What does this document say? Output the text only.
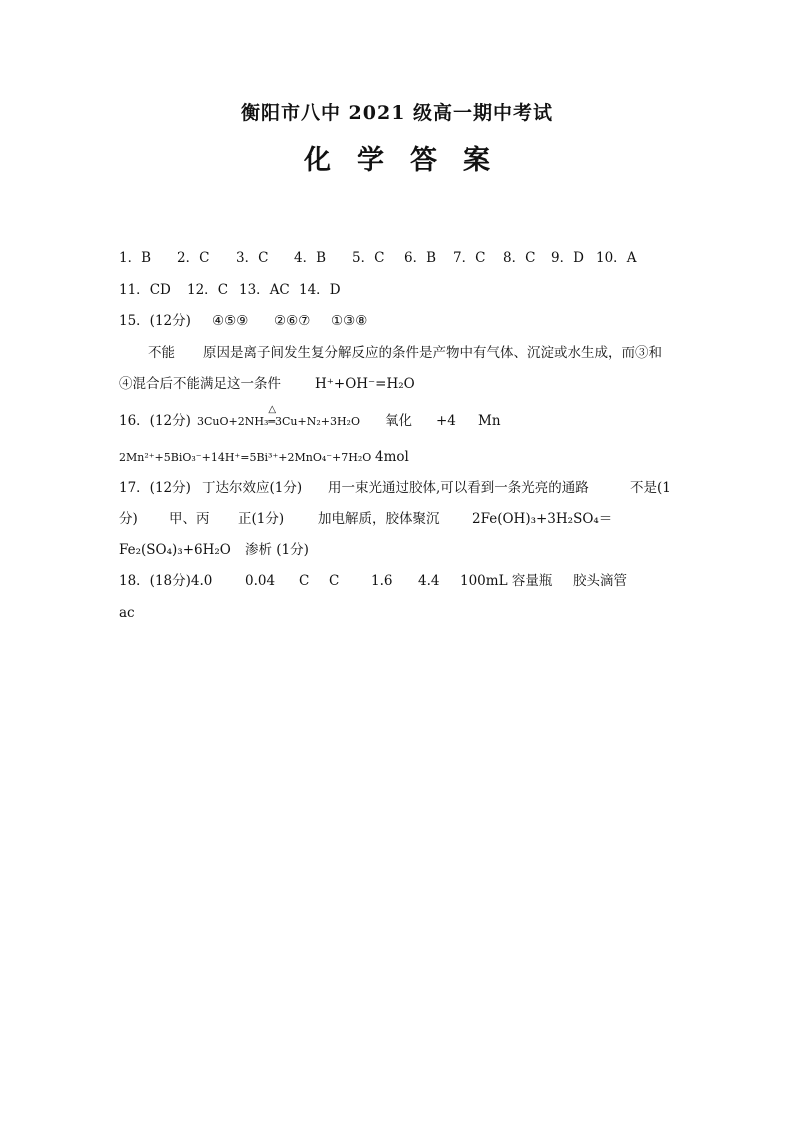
衡阳市八中 2021 级高一期中考试
化学答案
1．B 2．C 3．C 4．B 5．C 6．B 7．C 8．C 9．D 10．A
11．CD 12．C 13．AC 14．D
15．(12分) ④⑤⑨ ②⑥⑦ ①③⑧
不能 原因是离子间发生复分解反应的条件是产物中有气体、沉淀或水生成，而③和
④混合后不能满足这一条件	H⁺+OH⁻=H₂O
16．(12分) 3CuO+2NH₃
△
═3Cu+N₂+3H₂O 氧化 +4 Mn
2Mn²⁺+5BiO₃⁻+14H⁺=5Bi³⁺+2MnO₄⁻+7H₂O 4mol
17．(12分) 丁达尔效应(1分) 用一束光通过胶体,可以看到一条光亮的通路	不是(1
分) 甲、丙 正(1分)	加电解质，胶体聚沉 2Fe(OH)₃+3H₂SO₄＝
Fe₂(SO₄)₃+6H₂O 渗析 (1分)
18．(18分)4.0 0.04 C C 1.6 4.4 100mL 容量瓶 胶头滴管
ac
